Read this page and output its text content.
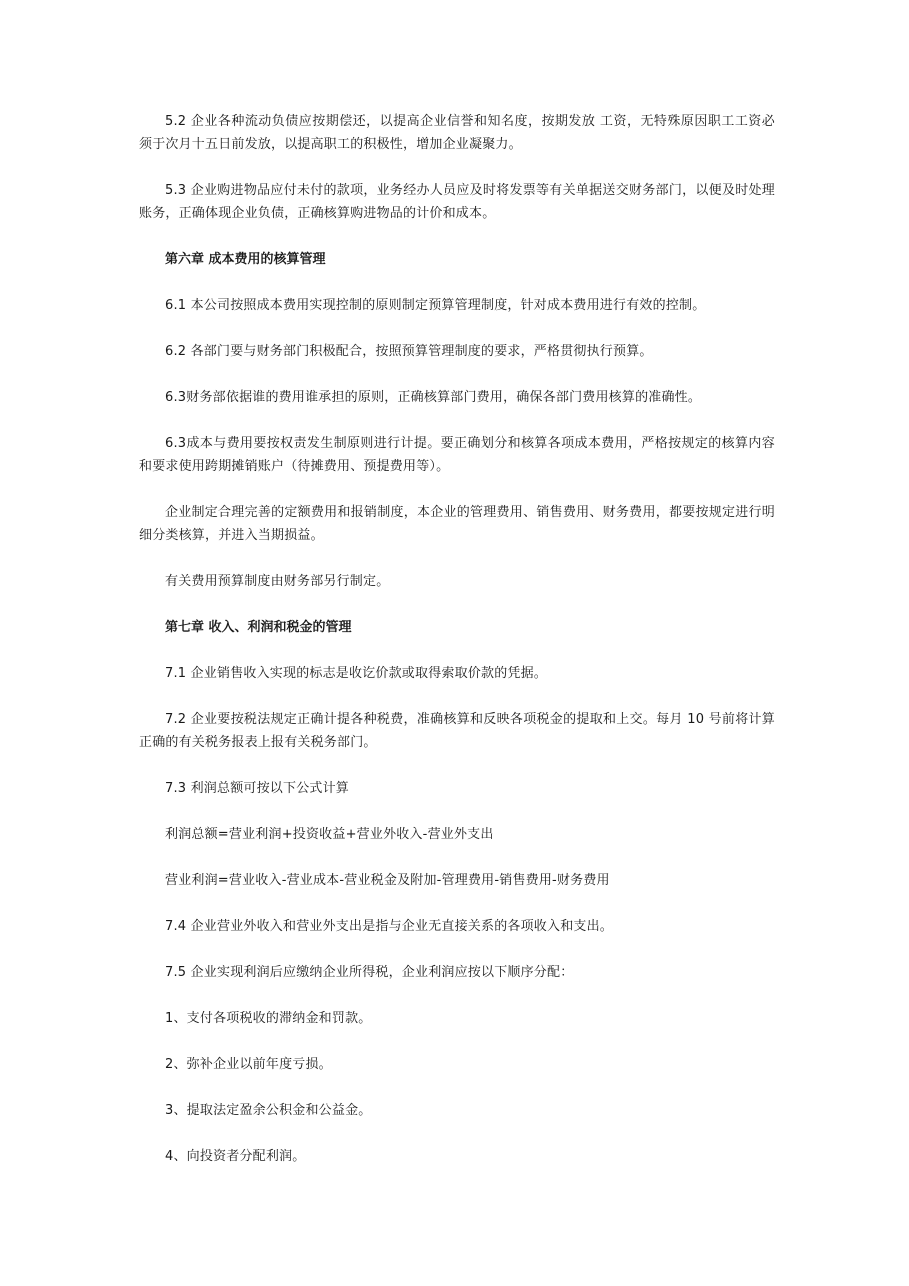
5.2 企业各种流动负债应按期偿还，以提高企业信誉和知名度，按期发放 工资，无特殊原因职工工资必须于次月十五日前发放，以提高职工的积极性，增加企业凝聚力。

5.3 企业购进物品应付未付的款项，业务经办人员应及时将发票等有关单据送交财务部门，以便及时处理账务，正确体现企业负债，正确核算购进物品的计价和成本。

第六章 成本费用的核算管理

6.1 本公司按照成本费用实现控制的原则制定预算管理制度，针对成本费用进行有效的控制。

6.2 各部门要与财务部门积极配合，按照预算管理制度的要求，严格贯彻执行预算。

6.3财务部依据谁的费用谁承担的原则，正确核算部门费用，确保各部门费用核算的准确性。

6.3成本与费用要按权责发生制原则进行计提。要正确划分和核算各项成本费用，严格按规定的核算内容和要求使用跨期摊销账户（待摊费用、预提费用等）。

企业制定合理完善的定额费用和报销制度，本企业的管理费用、销售费用、财务费用，都要按规定进行明细分类核算，并进入当期损益。

有关费用预算制度由财务部另行制定。

第七章 收入、利润和税金的管理

7.1 企业销售收入实现的标志是收讫价款或取得索取价款的凭据。

7.2 企业要按税法规定正确计提各种税费，准确核算和反映各项税金的提取和上交。每月 10 号前将计算正确的有关税务报表上报有关税务部门。

7.3 利润总额可按以下公式计算

利润总额=营业利润+投资收益+营业外收入-营业外支出

营业利润=营业收入-营业成本-营业税金及附加-管理费用-销售费用-财务费用

7.4 企业营业外收入和营业外支出是指与企业无直接关系的各项收入和支出。

7.5 企业实现利润后应缴纳企业所得税，企业利润应按以下顺序分配：

1、支付各项税收的滞纳金和罚款。

2、弥补企业以前年度亏损。

3、提取法定盈余公积金和公益金。

4、向投资者分配利润。
